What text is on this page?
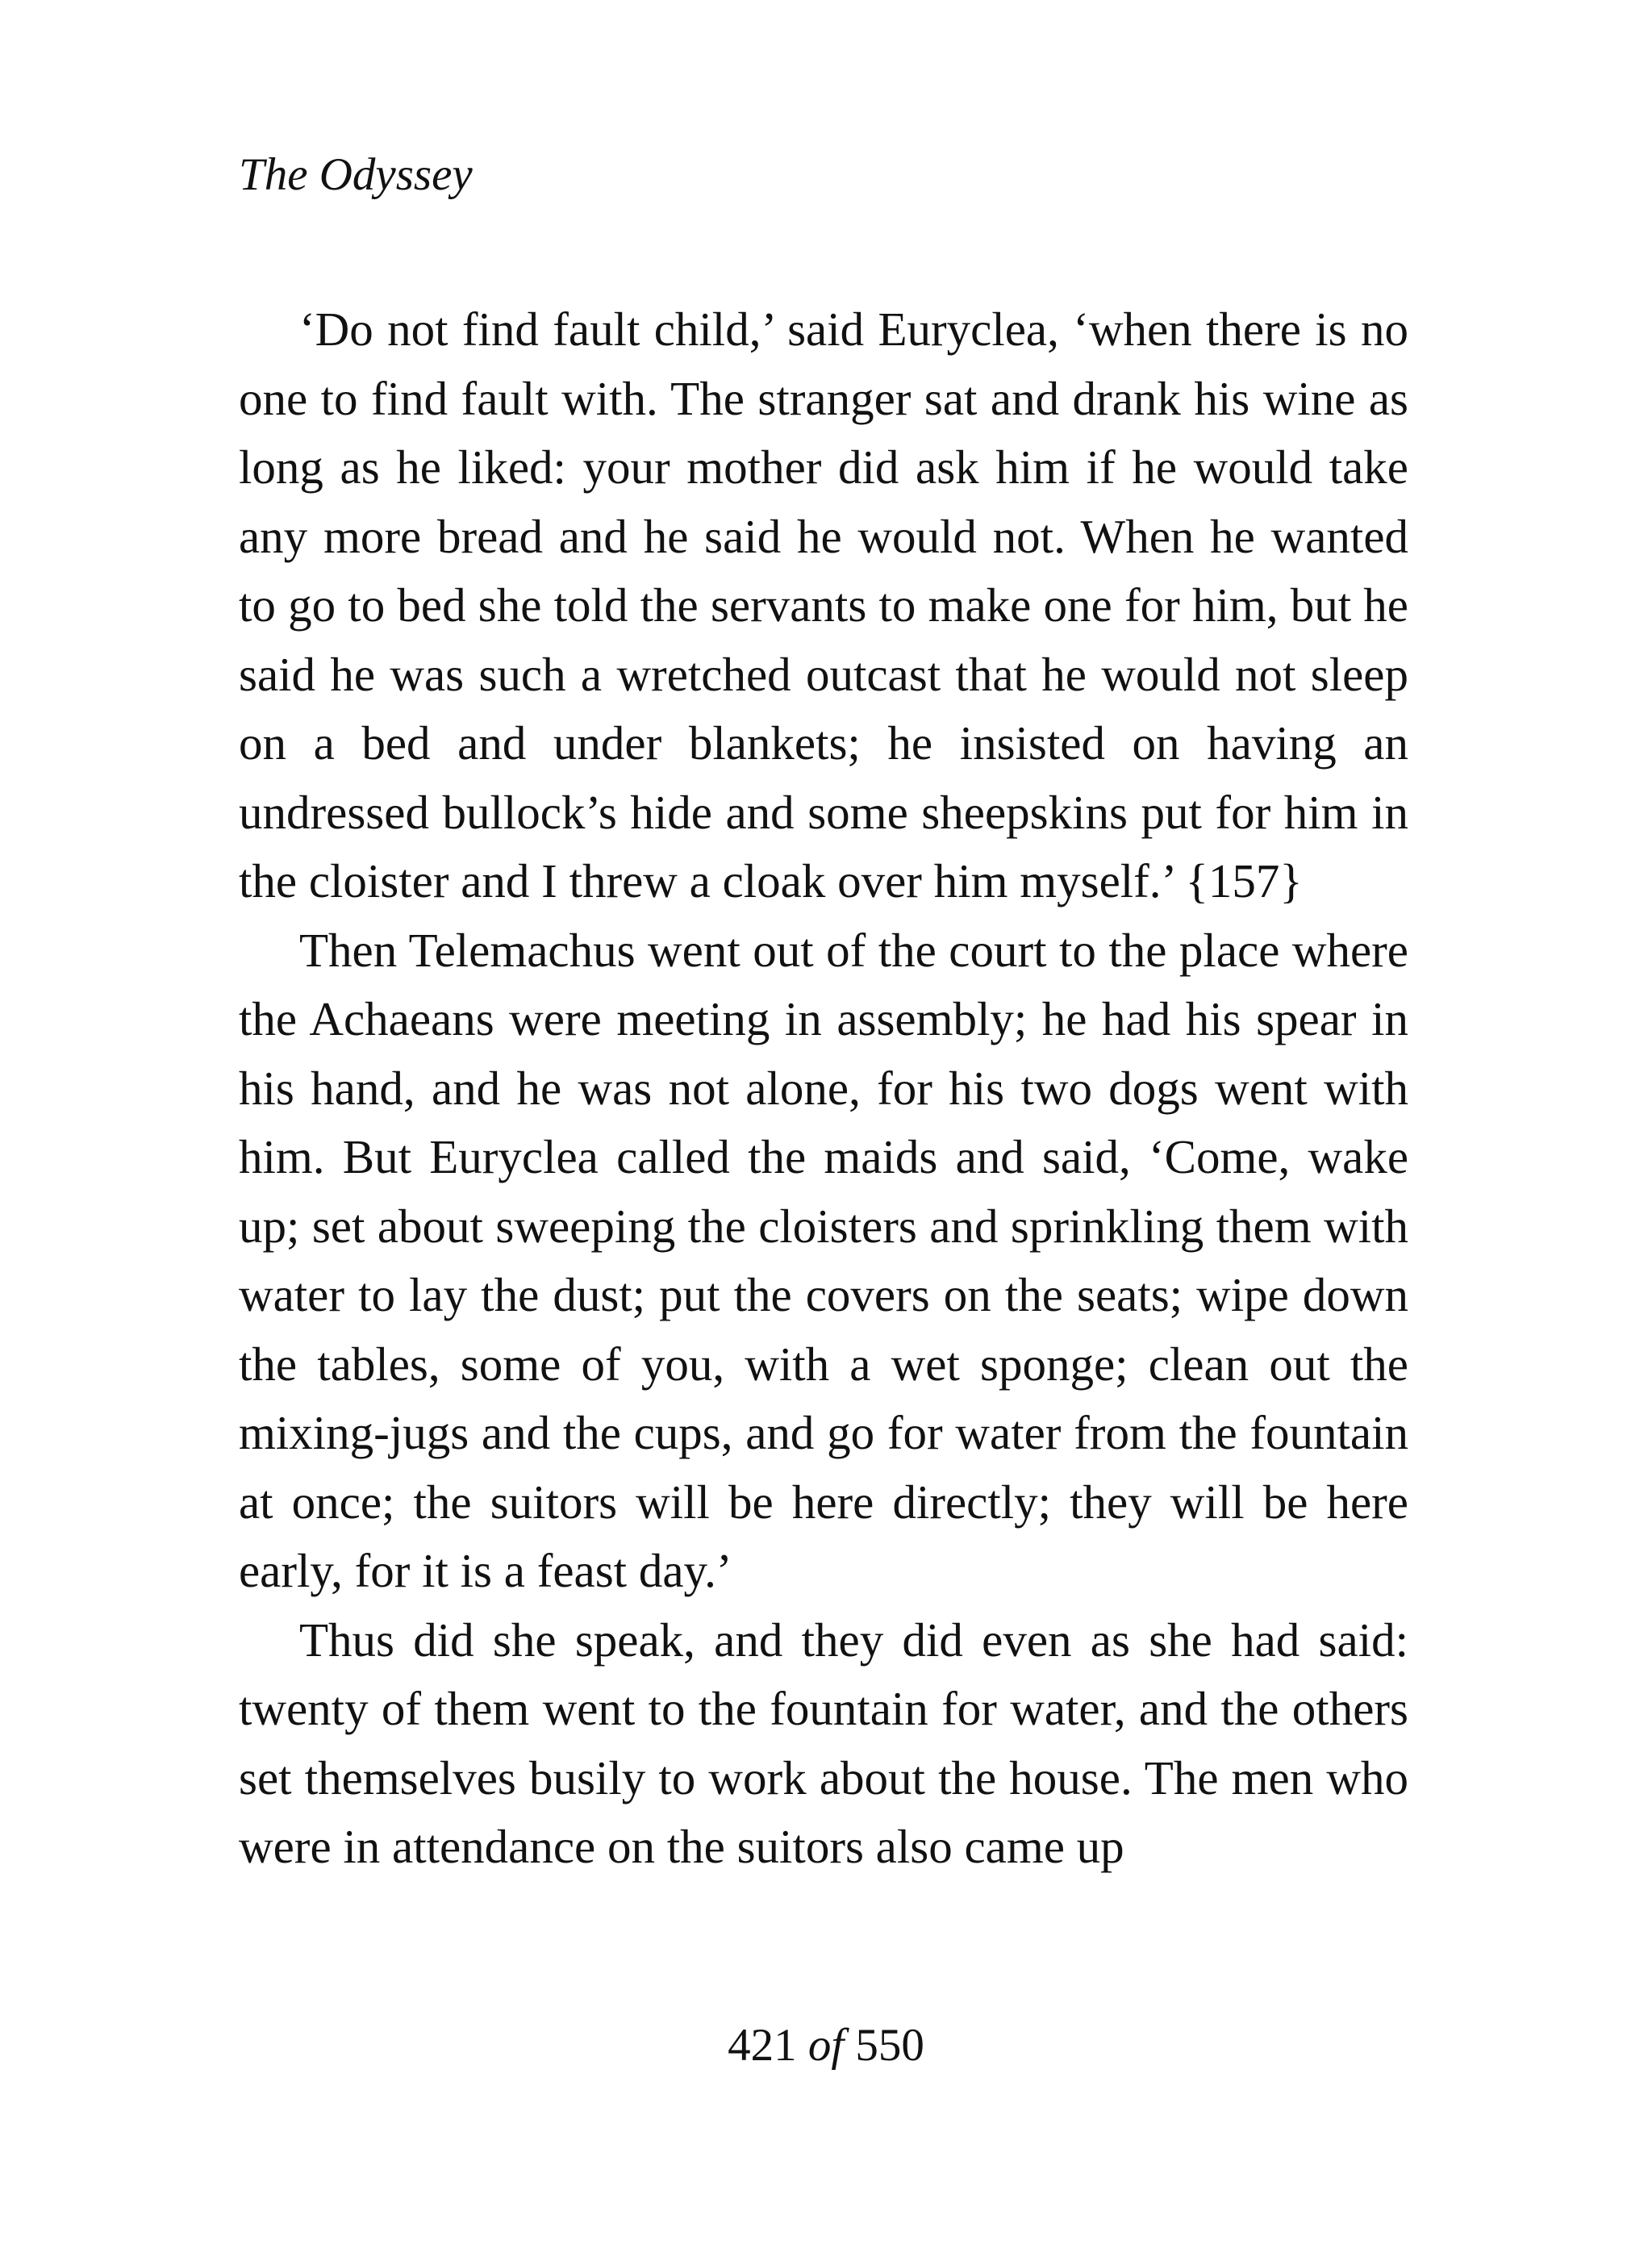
The Odyssey

‘Do not find fault child,’ said Euryclea, ‘when there is no one to find fault with. The stranger sat and drank his wine as long as he liked: your mother did ask him if he would take any more bread and he said he would not. When he wanted to go to bed she told the servants to make one for him, but he said he was such a wretched outcast that he would not sleep on a bed and under blankets; he insisted on having an undressed bullock’s hide and some sheepskins put for him in the cloister and I threw a cloak over him myself.’ {157}

Then Telemachus went out of the court to the place where the Achaeans were meeting in assembly; he had his spear in his hand, and he was not alone, for his two dogs went with him. But Euryclea called the maids and said, ‘Come, wake up; set about sweeping the cloisters and sprinkling them with water to lay the dust; put the covers on the seats; wipe down the tables, some of you, with a wet sponge; clean out the mixing-jugs and the cups, and go for water from the fountain at once; the suitors will be here directly; they will be here early, for it is a feast day.’

Thus did she speak, and they did even as she had said: twenty of them went to the fountain for water, and the others set themselves busily to work about the house. The men who were in attendance on the suitors also came up

421 of 550
